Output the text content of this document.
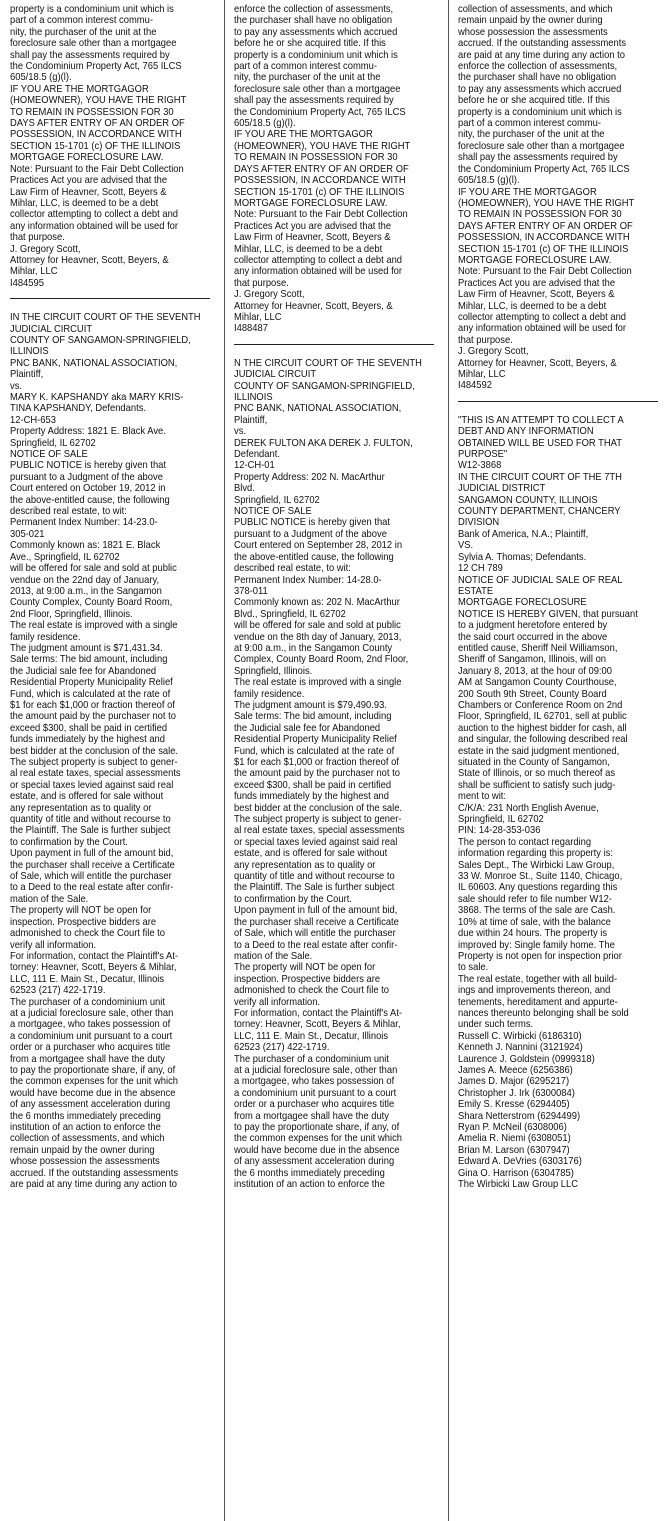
property is a condominium unit which is
part of a common interest commu-
nity, the purchaser of the unit at the
foreclosure sale other than a mortgagee
shall pay the assessments required by
the Condominium Property Act, 765 ILCS
605/18.5 (g)(l).
IF YOU ARE THE MORTGAGOR
(HOMEOWNER), YOU HAVE THE RIGHT
TO REMAIN IN POSSESSION FOR 30
DAYS AFTER ENTRY OF AN ORDER OF
POSSESSION, IN ACCORDANCE WITH
SECTION 15-1701 (c) OF THE ILLINOIS
MORTGAGE FORECLOSURE LAW.
Note: Pursuant to the Fair Debt Collection
Practices Act you are advised that the
Law Firm of Heavner, Scott, Beyers &
Mihlar, LLC, is deemed to be a debt
collector attempting to collect a debt and
any information obtained will be used for
that purpose.
J. Gregory Scott,
Attorney for Heavner, Scott, Beyers, &
Mihlar, LLC
I484595
IN THE CIRCUIT COURT OF THE SEVENTH
JUDICIAL CIRCUIT
COUNTY OF SANGAMON-SPRINGFIELD,
ILLINOIS
PNC BANK, NATIONAL ASSOCIATION,
Plaintiff,
vs.
MARY K. KAPSHANDY aka MARY KRIS-
TINA KAPSHANDY, Defendants.
12-CH-653
Property Address: 1821 E. Black Ave.
Springfield, IL 62702
NOTICE OF SALE
PUBLIC NOTICE is hereby given that
pursuant to a Judgment of the above
Court entered on October 19, 2012 in
the above-entitled cause, the following
described real estate, to wit:
Permanent Index Number: 14-23.0-
305-021
Commonly known as: 1821 E. Black
Ave., Springfield, IL 62702
will be offered for sale and sold at public
vendue on the 22nd day of January,
2013, at 9:00 a.m., in the Sangamon
County Complex, County Board Room,
2nd Floor, Springfield, Illinois.
The real estate is improved with a single
family residence.
The judgment amount is $71,431.34.
Sale terms: The bid amount, including
the Judicial sale fee for Abandoned
Residential Property Municipality Relief
Fund, which is calculated at the rate of
$1 for each $1,000 or fraction thereof of
the amount paid by the purchaser not to
exceed $300, shall be paid in certified
funds immediately by the highest and
best bidder at the conclusion of the sale.
The subject property is subject to gener-
al real estate taxes, special assessments
or special taxes levied against said real
estate, and is offered for sale without
any representation as to quality or
quantity of title and without recourse to
the Plaintiff. The Sale is further subject
to confirmation by the Court.
Upon payment in full of the amount bid,
the purchaser shall receive a Certificate
of Sale, which will entitle the purchaser
to a Deed to the real estate after confir-
mation of the Sale.
The property will NOT be open for
inspection. Prospective bidders are
admonished to check the Court file to
verify all information.
For information, contact the Plaintiff's At-
torney: Heavner, Scott, Beyers & Mihlar,
LLC, 111 E. Main St., Decatur, Illinois
62523 (217) 422-1719.
The purchaser of a condominium unit
at a judicial foreclosure sale, other than
a mortgagee, who takes possession of
a condominium unit pursuant to a court
order or a purchaser who acquires title
from a mortgagee shall have the duty
to pay the proportionate share, if any, of
the common expenses for the unit which
would have become due in the absence
of any assessment acceleration during
the 6 months immediately preceding
institution of an action to enforce the
collection of assessments, and which
remain unpaid by the owner during
whose possession the assessments
accrued. If the outstanding assessments
are paid at any time during any action to
enforce the collection of assessments,
the purchaser shall have no obligation
to pay any assessments which accrued
before he or she acquired title. If this
property is a condominium unit which is
part of a common interest commu-
nity, the purchaser of the unit at the
foreclosure sale other than a mortgagee
shall pay the assessments required by
the Condominium Property Act, 765 ILCS
605/18.5 (g)(l).
IF YOU ARE THE MORTGAGOR
(HOMEOWNER), YOU HAVE THE RIGHT
TO REMAIN IN POSSESSION FOR 30
DAYS AFTER ENTRY OF AN ORDER OF
POSSESSION, IN ACCORDANCE WITH
SECTION 15-1701 (c) OF THE ILLINOIS
MORTGAGE FORECLOSURE LAW.
Note: Pursuant to the Fair Debt Collection
Practices Act you are advised that the
Law Firm of Heavner, Scott, Beyers &
Mihlar, LLC, is deemed to be a debt
collector attempting to collect a debt and
any information obtained will be used for
that purpose.
J. Gregory Scott,
Attorney for Heavner, Scott, Beyers, &
Mihlar, LLC
I488487
N THE CIRCUIT COURT OF THE SEVENTH
JUDICIAL CIRCUIT
COUNTY OF SANGAMON-SPRINGFIELD,
ILLINOIS
PNC BANK, NATIONAL ASSOCIATION,
Plaintiff,
vs.
DEREK FULTON AKA DEREK J. FULTON,
Defendant.
12-CH-01
Property Address: 202 N. MacArthur
Blvd.
Springfield, IL 62702
NOTICE OF SALE
PUBLIC NOTICE is hereby given that
pursuant to a Judgment of the above
Court entered on September 28, 2012 in
the above-entitled cause, the following
described real estate, to wit:
Permanent Index Number: 14-28.0-
378-011
Commonly known as: 202 N. MacArthur
Blvd., Springfield, IL 62702
will be offered for sale and sold at public
vendue on the 8th day of January, 2013,
at 9:00 a.m., in the Sangamon County
Complex, County Board Room, 2nd Floor,
Springfield, Illinois.
The real estate is improved with a single
family residence.
The judgment amount is $79,490.93.
Sale terms: The bid amount, including
the Judicial sale fee for Abandoned
Residential Property Municipality Relief
Fund, which is calculated at the rate of
$1 for each $1,000 or fraction thereof of
the amount paid by the purchaser not to
exceed $300, shall be paid in certified
funds immediately by the highest and
best bidder at the conclusion of the sale.
The subject property is subject to gener-
al real estate taxes, special assessments
or special taxes levied against said real
estate, and is offered for sale without
any representation as to quality or
quantity of title and without recourse to
the Plaintiff. The Sale is further subject
to confirmation by the Court.
Upon payment in full of the amount bid,
the purchaser shall receive a Certificate
of Sale, which will entitle the purchaser
to a Deed to the real estate after confir-
mation of the Sale.
The property will NOT be open for
inspection. Prospective bidders are
admonished to check the Court file to
verify all information.
For information, contact the Plaintiff's At-
torney: Heavner, Scott, Beyers & Mihlar,
LLC, 111 E. Main St., Decatur, Illinois
62523 (217) 422-1719.
The purchaser of a condominium unit
at a judicial foreclosure sale, other than
a mortgagee, who takes possession of
a condominium unit pursuant to a court
order or a purchaser who acquires title
from a mortgagee shall have the duty
to pay the proportionate share, if any, of
the common expenses for the unit which
would have become due in the absence
of any assessment acceleration during
the 6 months immediately preceding
institution of an action to enforce the
collection of assessments, and which
remain unpaid by the owner during
whose possession the assessments
accrued. If the outstanding assessments
are paid at any time during any action to
enforce the collection of assessments,
the purchaser shall have no obligation
to pay any assessments which accrued
before he or she acquired title. If this
property is a condominium unit which is
part of a common interest commu-
nity, the purchaser of the unit at the
foreclosure sale other than a mortgagee
shall pay the assessments required by
the Condominium Property Act, 765 ILCS
605/18.5 (g)(l).
IF YOU ARE THE MORTGAGOR
(HOMEOWNER), YOU HAVE THE RIGHT
TO REMAIN IN POSSESSION FOR 30
DAYS AFTER ENTRY OF AN ORDER OF
POSSESSION, IN ACCORDANCE WITH
SECTION 15-1701 (c) OF THE ILLINOIS
MORTGAGE FORECLOSURE LAW.
Note: Pursuant to the Fair Debt Collection
Practices Act you are advised that the
Law Firm of Heavner, Scott, Beyers &
Mihlar, LLC, is deemed to be a debt
collector attempting to collect a debt and
any information obtained will be used for
that purpose.
J. Gregory Scott,
Attorney for Heavner, Scott, Beyers, &
Mihlar, LLC
I484592
"THIS IS AN ATTEMPT TO COLLECT A
DEBT AND ANY INFORMATION
OBTAINED WILL BE USED FOR THAT
PURPOSE"
W12-3868
IN THE CIRCUIT COURT OF THE 7TH
JUDICIAL DISTRICT
SANGAMON COUNTY, ILLINOIS
COUNTY DEPARTMENT, CHANCERY
DIVISION
Bank of America, N.A.; Plaintiff,
VS.
Sylvia A. Thomas; Defendants.
12 CH 789
NOTICE OF JUDICIAL SALE OF REAL
ESTATE
MORTGAGE FORECLOSURE
NOTICE IS HEREBY GIVEN, that pursuant
to a judgment heretofore entered by
the said court occurred in the above
entitled cause, Sheriff Neil Williamson,
Sheriff of Sangamon, Illinois, will on
January 8, 2013, at the hour of 09:00
AM at Sangamon County Courthouse,
200 South 9th Street, County Board
Chambers or Conference Room on 2nd
Floor, Springfield, IL 62701, sell at public
auction to the highest bidder for cash, all
and singular, the following described real
estate in the said judgment mentioned,
situated in the County of Sangamon,
State of Illinois, or so much thereof as
shall be sufficient to satisfy such judg-
ment to wit:
C/K/A: 231 North English Avenue,
Springfield, IL 62702
PIN: 14-28-353-036
The person to contact regarding
information regarding this property is:
Sales Dept., The Wirbicki Law Group,
33 W. Monroe St., Suite 1140, Chicago,
IL 60603. Any questions regarding this
sale should refer to file number W12-
3868. The terms of the sale are Cash.
10% at time of sale, with the balance
due within 24 hours. The property is
improved by: Single family home. The
Property is not open for inspection prior
to sale.
The real estate, together with all build-
ings and improvements thereon, and
tenements, hereditament and appurte-
nances thereunto belonging shall be sold
under such terms.
Russell C. Wirbicki (6186310)
Kenneth J. Nannini (3121924)
Laurence J. Goldstein (0999318)
James A. Meece (6256386)
James D. Major (6295217)
Christopher J. Irk (6300084)
Emily S. Kresse (6294405)
Shara Netterstrom (6294499)
Ryan P. McNeil (6308006)
Amelia R. Niemi (6308051)
Brian M. Larson (6307947)
Edward A. DeVries (6303176)
Gina O. Harrison (6304785)
The Wirbicki Law Group LLC
